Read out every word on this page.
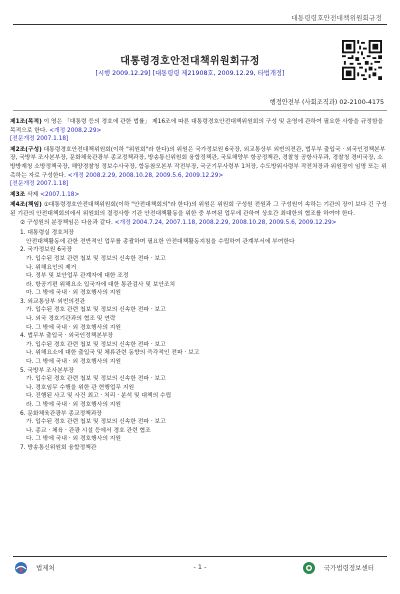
대통령령호안전대책위원회규정
대통령경호안전대책위원회규정
[시행 2009.12.29] [대통령령 제21908호, 2009.12.29, 타법개정]
행정안전부 (사회조직과) 02-2100-4175
제1조(목적) 이 영은 「대통령 등의 경호에 관한 법률」 제16조에 따른 대통령경호안전대책위원회의 구성 및 운영에 관하여 필요한 사항을 규정함을 목적으로 한다. <개정 2008.2.29>
[전문개정 2007.1.18]
제2조(구성) 대통령경호안전대책위원회(이하 "위원회"라 한다)의 위원은 국가정보원 6국장, 외교통상부 외빈의전관, 법무부 출입국 · 외국인정책본부장, 국방부 조사본부장, 문화체육관광부 종교정책과장, 방송통신위원회 융합정책관, 국토해양부 항공정책관, 경찰청 공항사무과, 경찰청 경비국장, 소방방재청 소방정책국장, 해양경찰청 정보수사국장, 합동참모본부 작전부장, 국군기무사령부 1처장, 수도방위사령부 작전처장과 위원장이 임명 또는 위촉하는 자로 구성한다. <개정 2008.2.29, 2008.10.28, 2009.5.6, 2009.12.29>
[전문개정 2007.1.18]
제3조 삭제 <2007.1.18>
제4조(책임) ①대통령경호안전대책위원회(이하 "안전대책회의"라 한다)의 위원은 위원회 구성원 전원과 그 구성원이 속하는 기관의 장이 보다 긴 구성된 기관의 안전대책회의에서 위원회의 결정사항 기관 안전대책활동을 위한 중 부여된 업무에 관하여 상호간 최대한의 협조를 하여야 한다.
② 구성원의 분장책임은 다음과 같다. <개정 2004.7.24, 2007.1.18, 2008.2.29, 2008.10.28, 2009.5.6, 2009.12.29>
1. 대통령실 경호처장
안전대책활동에 관한 전반적인 업무를 총괄하며 필요한 안전대책활동지침을 수립하여 관계부서에 부여한다
2. 국가정보원 6국장
가. 입수된 정보 관련 첩보 및 정보의 신속한 전파 · 보고
나. 위해요인의 제거
다. 정부 및 보안업무 관계자에 대한 조정
라. 항공기편 위해요소 입국자에 대한 통관검사 및 보안조치
마. 그 밖에 국내 · 외 경호행사의 지원
3. 외교통상부 외빈의전관
가. 입수된 경호 관련 첩보 및 정보의 신속한 전파 · 보고
나. 외국 경호기관과의 협조 및 연락
다. 그 밖에 국내 · 외 경호행사의 지원
4. 법무부 출입국 · 외국인정책본부장
가. 입수된 경호 관련 첩보 및 정보의 신속한 전파 · 보고
나. 위해요소에 대한 출입국 및 체류관련 동향의 즉각적인 전파 · 보고
다. 그 밖에 국내 · 외 경호행사의 지원
5. 국방부 조사본부장
가. 입수된 경호 관련 첩보 및 정보의 신속한 전파 · 보고
나. 경호임무 수행을 위한 관 현행업무 지원
다. 진행된 사고 및 사건 최고 · 처리 · 분석 및 대책의 수립
라. 그 밖에 국내 · 외 경호행사의 지원
6. 문화체육관광부 종교정책과장
가. 입수된 경호 관련 첩보 및 정보의 신속한 전파 · 보고
나. 종교 · 체육 · 관광 시설 등에서 경호 관련 협조
다. 그 밖에 국내 · 외 경호행사의 지원
7. 방송통신위원회 융합정책관
법제처	- 1 -	국가법령정보센터
